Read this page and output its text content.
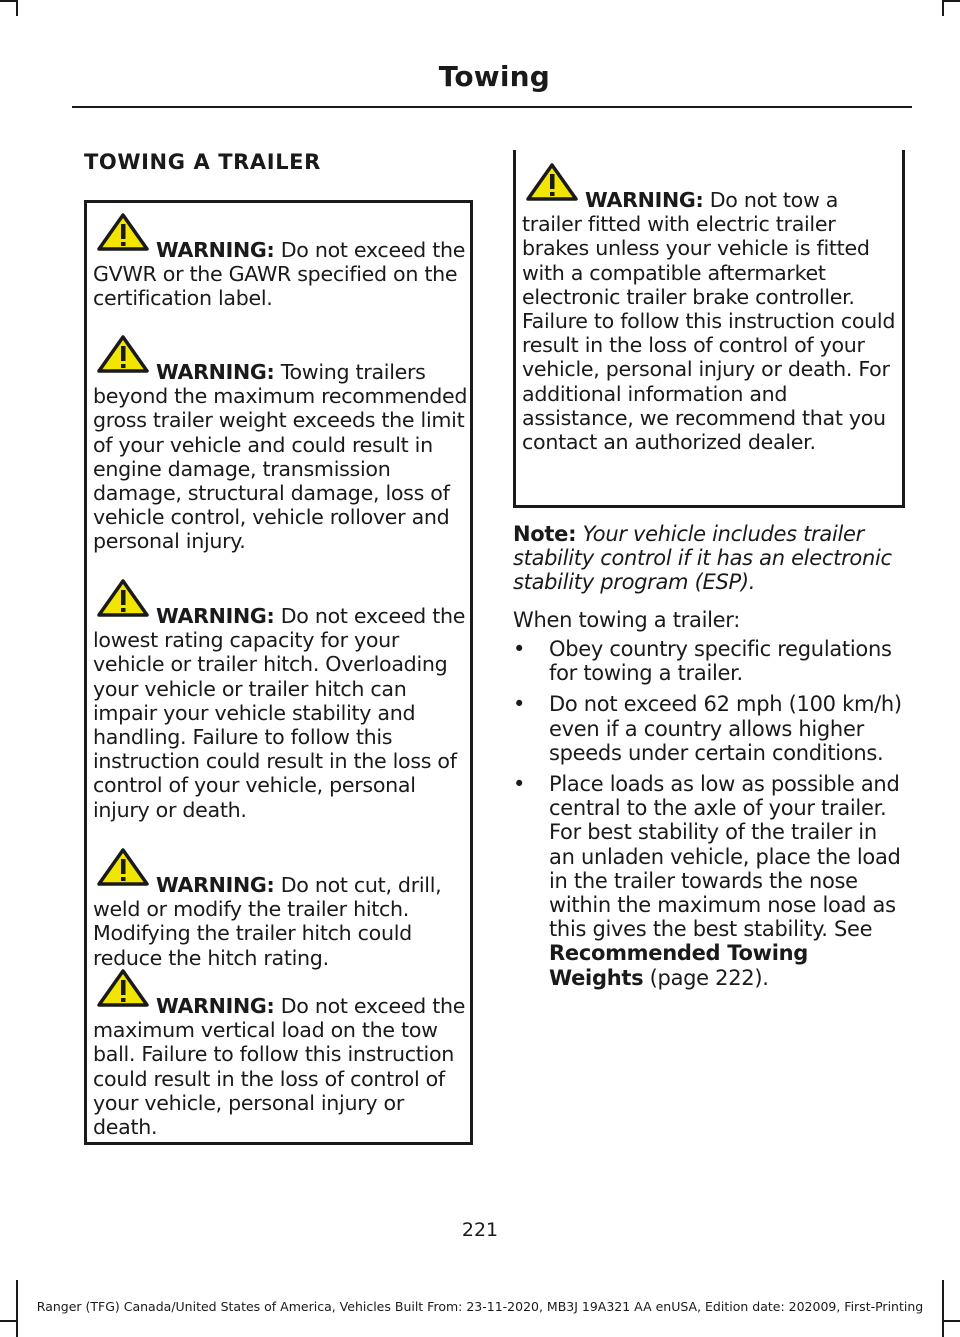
Towing
TOWING A TRAILER
WARNING: Do not exceed the GVWR or the GAWR specified on the certification label.
WARNING: Towing trailers beyond the maximum recommended gross trailer weight exceeds the limit of your vehicle and could result in engine damage, transmission damage, structural damage, loss of vehicle control, vehicle rollover and personal injury.
WARNING: Do not exceed the lowest rating capacity for your vehicle or trailer hitch. Overloading your vehicle or trailer hitch can impair your vehicle stability and handling. Failure to follow this instruction could result in the loss of control of your vehicle, personal injury or death.
WARNING: Do not cut, drill, weld or modify the trailer hitch. Modifying the trailer hitch could reduce the hitch rating.
WARNING: Do not exceed the maximum vertical load on the tow ball. Failure to follow this instruction could result in the loss of control of your vehicle, personal injury or death.
WARNING: Do not tow a trailer fitted with electric trailer brakes unless your vehicle is fitted with a compatible aftermarket electronic trailer brake controller. Failure to follow this instruction could result in the loss of control of your vehicle, personal injury or death. For additional information and assistance, we recommend that you contact an authorized dealer.
Note: Your vehicle includes trailer stability control if it has an electronic stability program (ESP).
When towing a trailer:
• Obey country specific regulations for towing a trailer.
• Do not exceed 62 mph (100 km/h) even if a country allows higher speeds under certain conditions.
• Place loads as low as possible and central to the axle of your trailer. For best stability of the trailer in an unladen vehicle, place the load in the trailer towards the nose within the maximum nose load as this gives the best stability. See Recommended Towing Weights (page 222).
221
Ranger (TFG) Canada/United States of America, Vehicles Built From: 23-11-2020, MB3J 19A321 AA enUSA, Edition date: 202009, First-Printing
